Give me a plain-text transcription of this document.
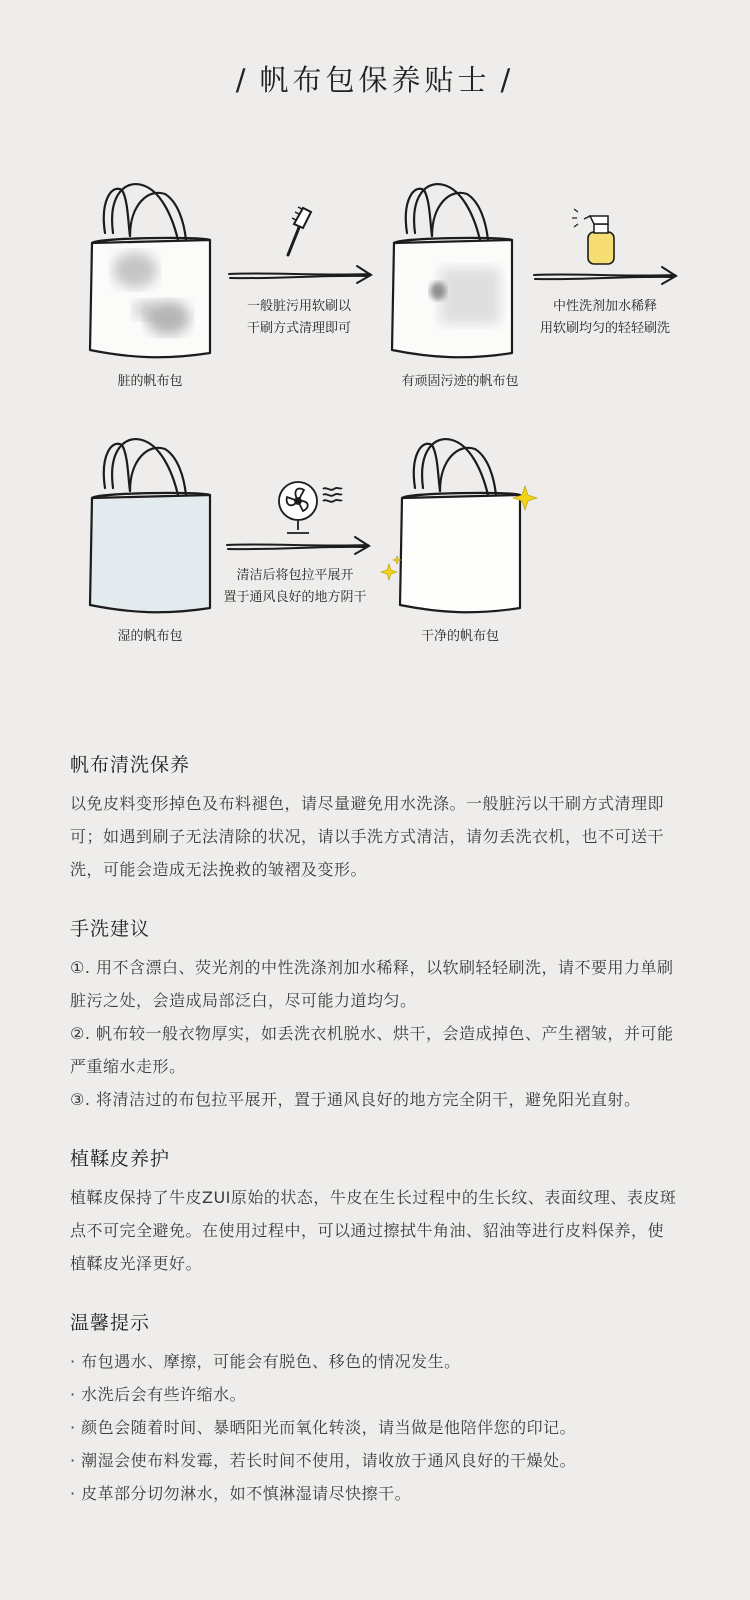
/ 帆布包保养贴士 /
脏的帆布包
一般脏污用软刷以
干刷方式清理即可
有顽固污迹的帆布包
中性洗剂加水稀释
用软刷均匀的轻轻刷洗
湿的帆布包
清洁后将包拉平展开
置于通风良好的地方阴干
干净的帆布包
帆布清洗保养

以免皮料变形掉色及布料褪色，请尽量避免用水洗涤。一般脏污以干刷方式清理即可；如遇到刷子无法清除的状况，请以手洗方式清洁，请勿丢洗衣机，也不可送干洗，可能会造成无法挽救的皱褶及变形。

手洗建议

①. 用不含漂白、荧光剂的中性洗涤剂加水稀释，以软刷轻轻刷洗，请不要用力单刷脏污之处，会造成局部泛白，尽可能力道均匀。

②. 帆布较一般衣物厚实，如丢洗衣机脱水、烘干，会造成掉色、产生褶皱，并可能严重缩水走形。

③. 将清洁过的布包拉平展开，置于通风良好的地方完全阴干，避免阳光直射。

植鞣皮养护

植鞣皮保持了牛皮ZUI原始的状态，牛皮在生长过程中的生长纹、表面纹理、表皮斑点不可完全避免。在使用过程中，可以通过擦拭牛角油、貂油等进行皮料保养，使植鞣皮光泽更好。

温馨提示

· 布包遇水、摩擦，可能会有脱色、移色的情况发生。

· 水洗后会有些许缩水。

· 颜色会随着时间、暴晒阳光而氧化转淡，请当做是他陪伴您的印记。

· 潮湿会使布料发霉，若长时间不使用，请收放于通风良好的干燥处。

· 皮革部分切勿淋水，如不慎淋湿请尽快擦干。
